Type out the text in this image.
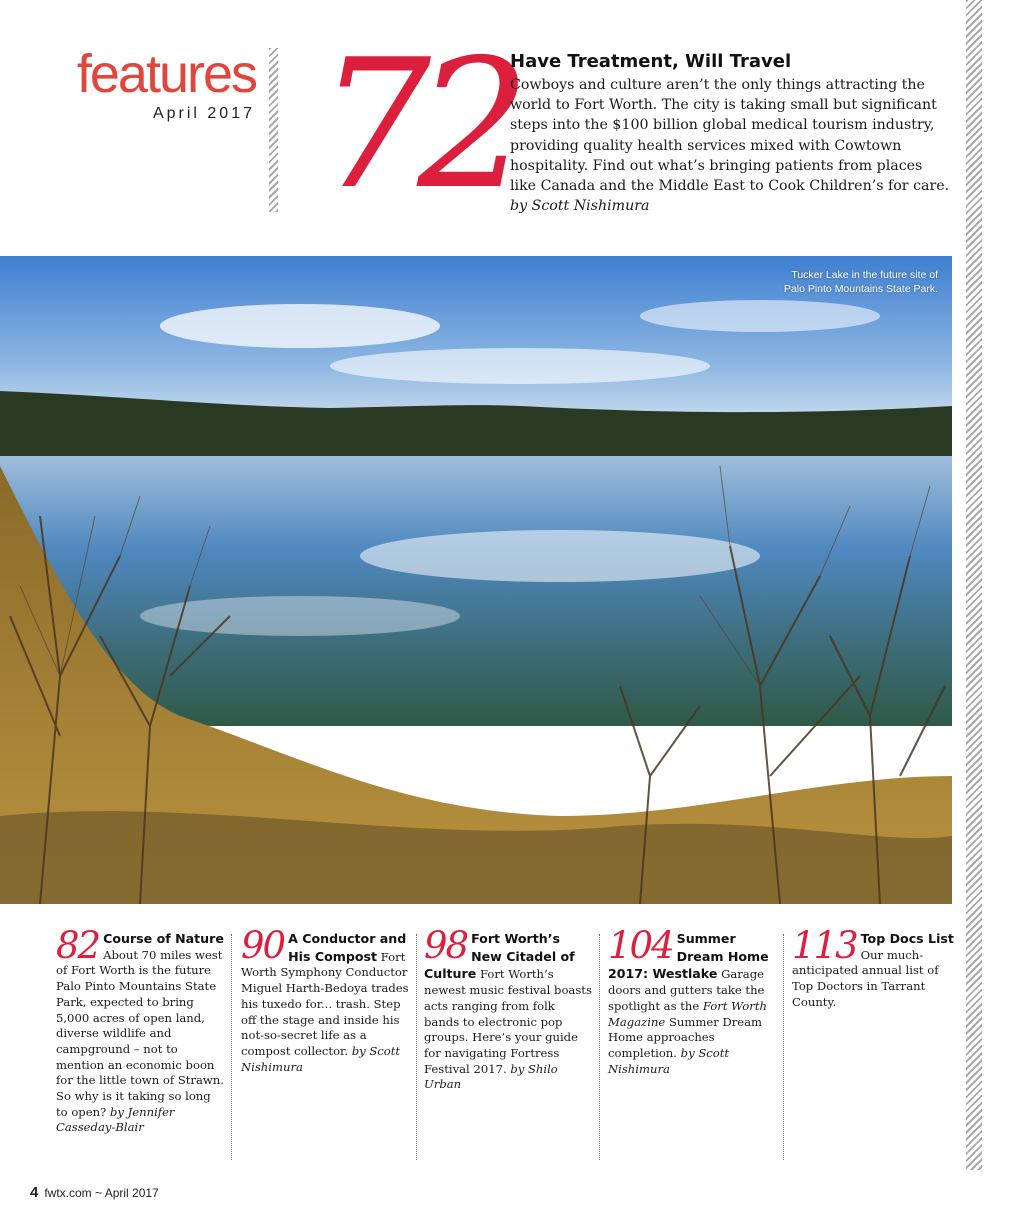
features
April 2017 72
Have Treatment, Will Travel
Cowboys and culture aren’t the only things attracting the world to Fort Worth. The city is taking small but significant steps into the $100 billion global medical tourism industry, providing quality health services mixed with Cowtown hospitality. Find out what’s bringing patients from places like Canada and the Middle East to Cook Children’s for care. by Scott Nishimura
Tucker Lake in the future site of
Palo Pinto Mountains State Park.
82 Course of Nature About 70 miles west of Fort Worth is the future Palo Pinto Mountains State Park, expected to bring 5,000 acres of open land, diverse wildlife and campground – not to mention an economic boon for the little town of Strawn. So why is it taking so long to open? by Jennifer Casseday-Blair
90 A Conductor and His Compost Fort Worth Symphony Conductor Miguel Harth-Bedoya trades his tuxedo for... trash. Step off the stage and inside his not-so-secret life as a compost collector. by Scott Nishimura
98 Fort Worth’s New Citadel of Culture Fort Worth’s newest music festival boasts acts ranging from folk bands to electronic pop groups. Here’s your guide for navigating Fortress Festival 2017. by Shilo Urban
104 Summer Dream Home 2017: Westlake Garage doors and gutters take the spotlight as the Fort Worth Magazine Summer Dream Home approaches completion. by Scott Nishimura
113 Top Docs List Our much-anticipated annual list of Top Doctors in Tarrant County.
4 fwtx.com ~ April 2017
